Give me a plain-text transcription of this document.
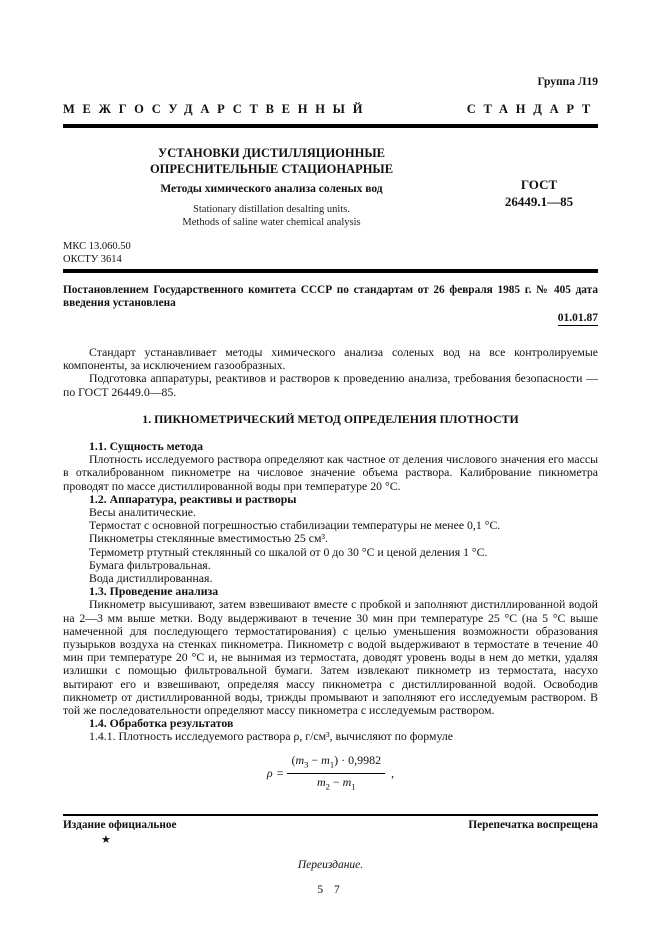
Группа Л19
МЕЖГОСУДАРСТВЕННЫЙ	СТАНДАРТ
УСТАНОВКИ ДИСТИЛЛЯЦИОННЫЕ
ОПРЕСНИТЕЛЬНЫЕ СТАЦИОНАРНЫЕ
Методы химического анализа соленых вод
Stationary distillation desalting units.
Methods of saline water chemical analysis
ГОСТ
26449.1—85
МКС 13.060.50
ОКСТУ 3614
Постановлением Государственного комитета СССР по стандартам от 26 февраля 1985 г. № 405 дата введения установлена
01.01.87

Стандарт устанавливает методы химического анализа соленых вод на все контролируемые компоненты, за исключением газообразных.

Подготовка аппаратуры, реактивов и растворов к проведению анализа, требования безопасности — по ГОСТ 26449.0—85.

1. ПИКНОМЕТРИЧЕСКИЙ МЕТОД ОПРЕДЕЛЕНИЯ ПЛОТНОСТИ

1.1. Сущность метода

Плотность исследуемого раствора определяют как частное от деления числового значения его массы в откалиброванном пикнометре на числовое значение объема раствора. Калибрование пикнометра проводят по массе дистиллированной воды при температуре 20 °С.

1.2. Аппаратура, реактивы и растворы

Весы аналитические.

Термостат с основной погрешностью стабилизации температуры не менее 0,1 °С.

Пикнометры стеклянные вместимостью 25 см³.

Термометр ртутный стеклянный со шкалой от 0 до 30 °С и ценой деления 1 °С.

Бумага фильтровальная.

Вода дистиллированная.

1.3. Проведение анализа

Пикнометр высушивают, затем взвешивают вместе с пробкой и заполняют дистиллированной водой на 2—3 мм выше метки. Воду выдерживают в течение 30 мин при температуре 25 °С (на 5 °С выше намеченной для последующего термостатирования) с целью уменьшения возможности образования пузырьков воздуха на стенках пикнометра. Пикнометр с водой выдерживают в термостате в течение 40 мин при температуре 20 °С и, не вынимая из термостата, доводят уровень воды в нем до метки, удаляя излишки с помощью фильтровальной бумаги. Затем извлекают пикнометр из термостата, насухо вытирают его и взвешивают, определяя массу пикнометра с дистиллированной водой. Освободив пикнометр от дистиллированной воды, трижды промывают и заполняют его исследуемым раствором. В той же последовательности определяют массу пикнометра с исследуемым раствором.

1.4. Обработка результатов

1.4.1. Плотность исследуемого раствора ρ, г/см³, вычисляют по формуле

$\rho = \frac{(m_3 - m_1) \cdot 0,9982}{m_2 - m_1}$ ,
Издание официальное	Перепечатка воспрещена
★
Переиздание.
5 7
